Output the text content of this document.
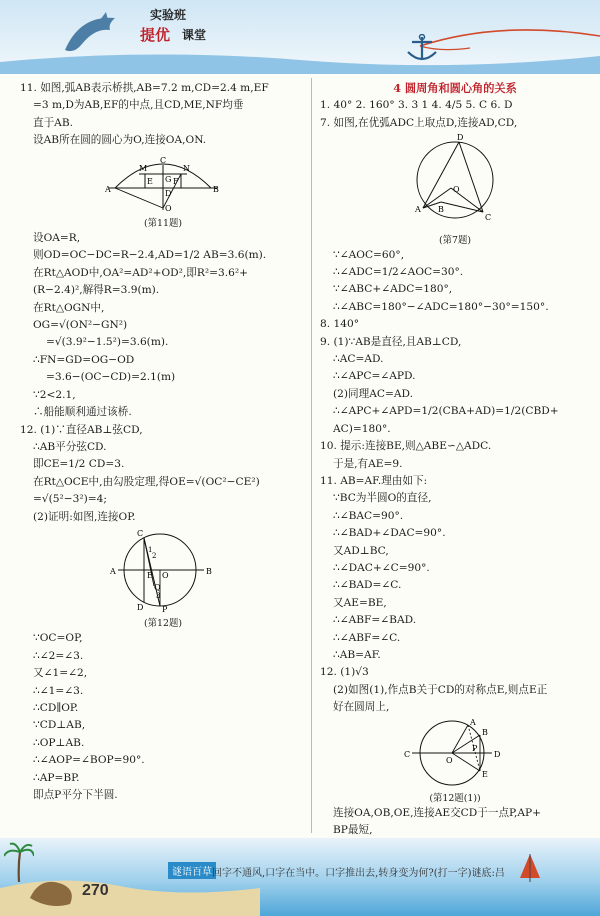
实验班
提优 课堂
11. 如图,弧AB表示桥拱,AB=7.2 m,CD=2.4 m,EF
=3 m,D为AB,EF的中点,且CD,ME,NF均垂
直于AB.
设AB所在圆的圆心为O,连接OA,ON.
A	B
C
M	N
E	F
D
G
O
(第11题)
设OA=R,
则OD=OC−DC=R−2.4,AD=1/2 AB=3.6(m).
在Rt△AOD中,OA²=AD²+OD²,即R²=3.6²+
(R−2.4)²,解得R=3.9(m).
在Rt△OGN中,
OG=√(ON²−GN²)
=√(3.9²−1.5²)=3.6(m).
∴FN=GD=OG−OD
=3.6−(OC−CD)=2.1(m)
∵2<2.1,
∴船能顺利通过该桥.
12. (1)∵直径AB⊥弦CD,
∴AB平分弦CD.
即CE=1/2 CD=3.
在Rt△OCE中,由勾股定理,得OE=√(OC²−CE²)
=√(5²−3²)=4;
(2)证明:如图,连接OP.
A	B
C
D
O
E
P
Q
1
2
3
(第12题)
∵OC=OP,
∴∠2=∠3.
又∠1=∠2,
∴∠1=∠3.
∴CD∥OP.
∵CD⊥AB,
∴OP⊥AB.
∴∠AOP=∠BOP=90°.
∴AP=BP.
即点P平分下半圆.
4 圆周角和圆心角的关系
1. 40° 2. 160° 3. 3 1 4. 4/5 5. C 6. D
7. 如图,在优弧ADC上取点D,连接AD,CD,
D
A
C
B
O
(第7题)
∵∠AOC=60°,
∴∠ADC=1/2∠AOC=30°.
∵∠ABC+∠ADC=180°,
∴∠ABC=180°−∠ADC=180°−30°=150°.
8. 140°
9. (1)∵AB是直径,且AB⊥CD,
∴AC=AD.
∴∠APC=∠APD.
(2)同理AC=AD.
∴∠APC+∠APD=1/2(CBA+AD)=1/2(CBD+
AC)=180°.
10. 提示:连接BE,则△ABE∽△ADC.
于是,有AE=9.
11. AB=AF.理由如下:
∵BC为半圆O的直径,
∴∠BAC=90°.
∴∠BAD+∠DAC=90°.
又AD⊥BC,
∴∠DAC+∠C=90°.
∴∠BAD=∠C.
又AE=BE,
∴∠ABF=∠BAD.
∴∠ABF=∠C.
∴AB=AF.
12. (1)√3
(2)如图(1),作点B关于CD的对称点E,则点E正
好在圆周上,
C	D
A
B
E
O
P
(第12题(1))
连接OA,OB,OE,连接AE交CD于一点P,AP+
BP最短,
270
谜语百草 回字不通风,口字在当中。口字推出去,转身变为何?(打一字)谜底:吕
